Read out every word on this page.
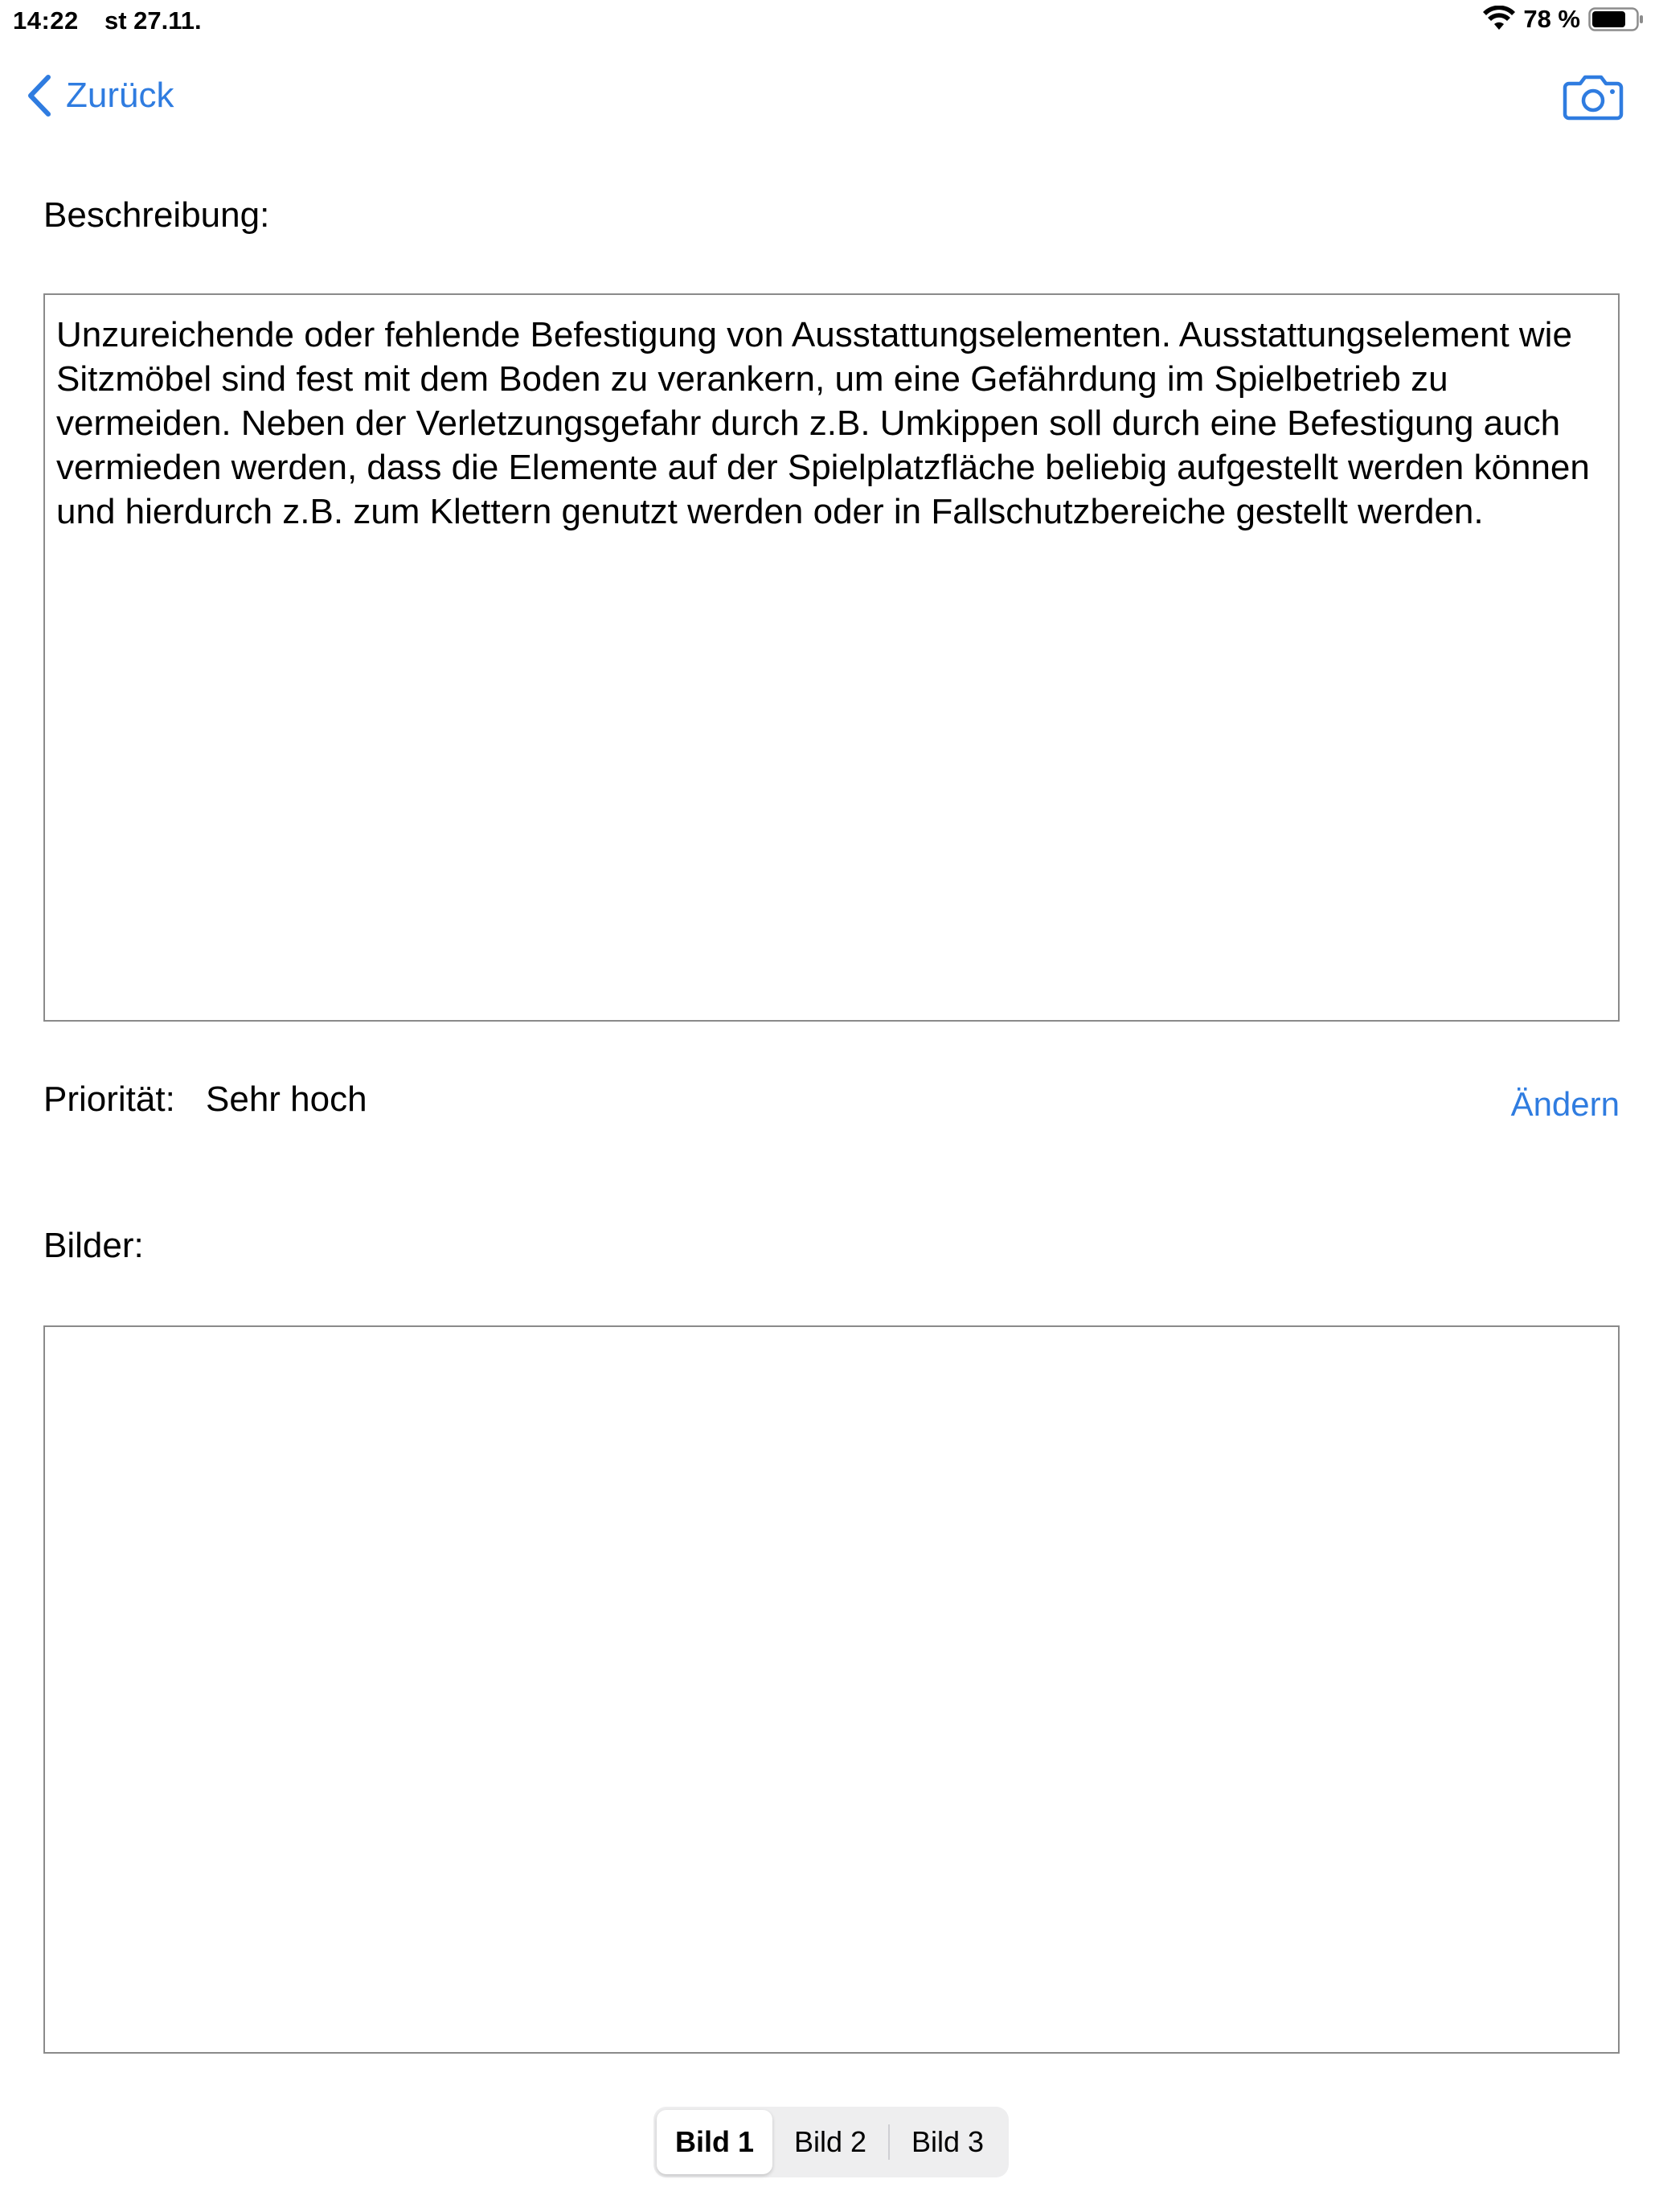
14:22 st 27.11.	78 %
Zurück
Beschreibung:

Unzureichende oder fehlende Befestigung von Ausstattungselementen. Ausstattungselement wie Sitzmöbel sind fest mit dem Boden zu verankern, um eine Gefährdung im Spielbetrieb zu vermeiden. Neben der Verletzungsgefahr durch z.B. Umkippen soll durch eine Befestigung auch vermieden werden, dass die Elemente auf der Spielplatzfläche beliebig aufgestellt werden können und hierdurch z.B. zum Klettern genutzt werden oder in Fallschutzbereiche gestellt werden.

Priorität: Sehr hoch	Ändern
Bilder:
Bild 1	Bild 2	Bild 3
